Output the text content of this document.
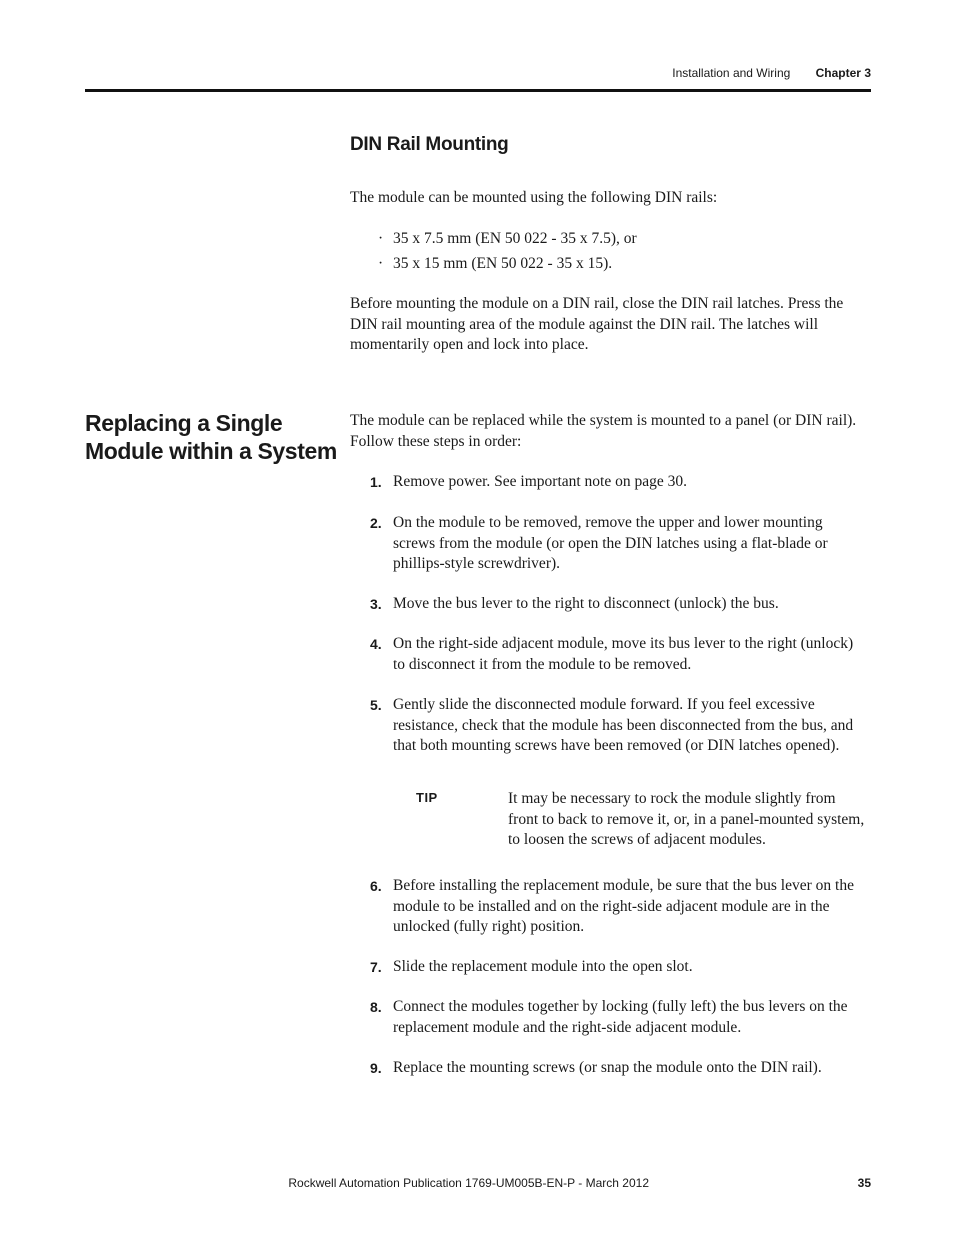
Installation and Wiring Chapter 3
DIN Rail Mounting

The module can be mounted using the following DIN rails:

· 35 x 7.5 mm (EN 50 022 - 35 x 7.5), or
· 35 x 15 mm (EN 50 022 - 35 x 15).

Before mounting the module on a DIN rail, close the DIN rail latches. Press the DIN rail mounting area of the module against the DIN rail. The latches will momentarily open and lock into place.

Replacing a Single Module within a System

The module can be replaced while the system is mounted to a panel (or DIN rail). Follow these steps in order:

1. Remove power. See important note on page 30.
2. On the module to be removed, remove the upper and lower mounting screws from the module (or open the DIN latches using a flat-blade or phillips-style screwdriver).
3. Move the bus lever to the right to disconnect (unlock) the bus.
4. On the right-side adjacent module, move its bus lever to the right (unlock) to disconnect it from the module to be removed.
5. Gently slide the disconnected module forward. If you feel excessive resistance, check that the module has been disconnected from the bus, and that both mounting screws have been removed (or DIN latches opened).
TIP	It may be necessary to rock the module slightly from front to back to remove it, or, in a panel-mounted system, to loosen the screws of adjacent modules.

6. Before installing the replacement module, be sure that the bus lever on the module to be installed and on the right-side adjacent module are in the unlocked (fully right) position.
7. Slide the replacement module into the open slot.
8. Connect the modules together by locking (fully left) the bus levers on the replacement module and the right-side adjacent module.
9. Replace the mounting screws (or snap the module onto the DIN rail).
Rockwell Automation Publication 1769-UM005B-EN-P - March 2012	35
